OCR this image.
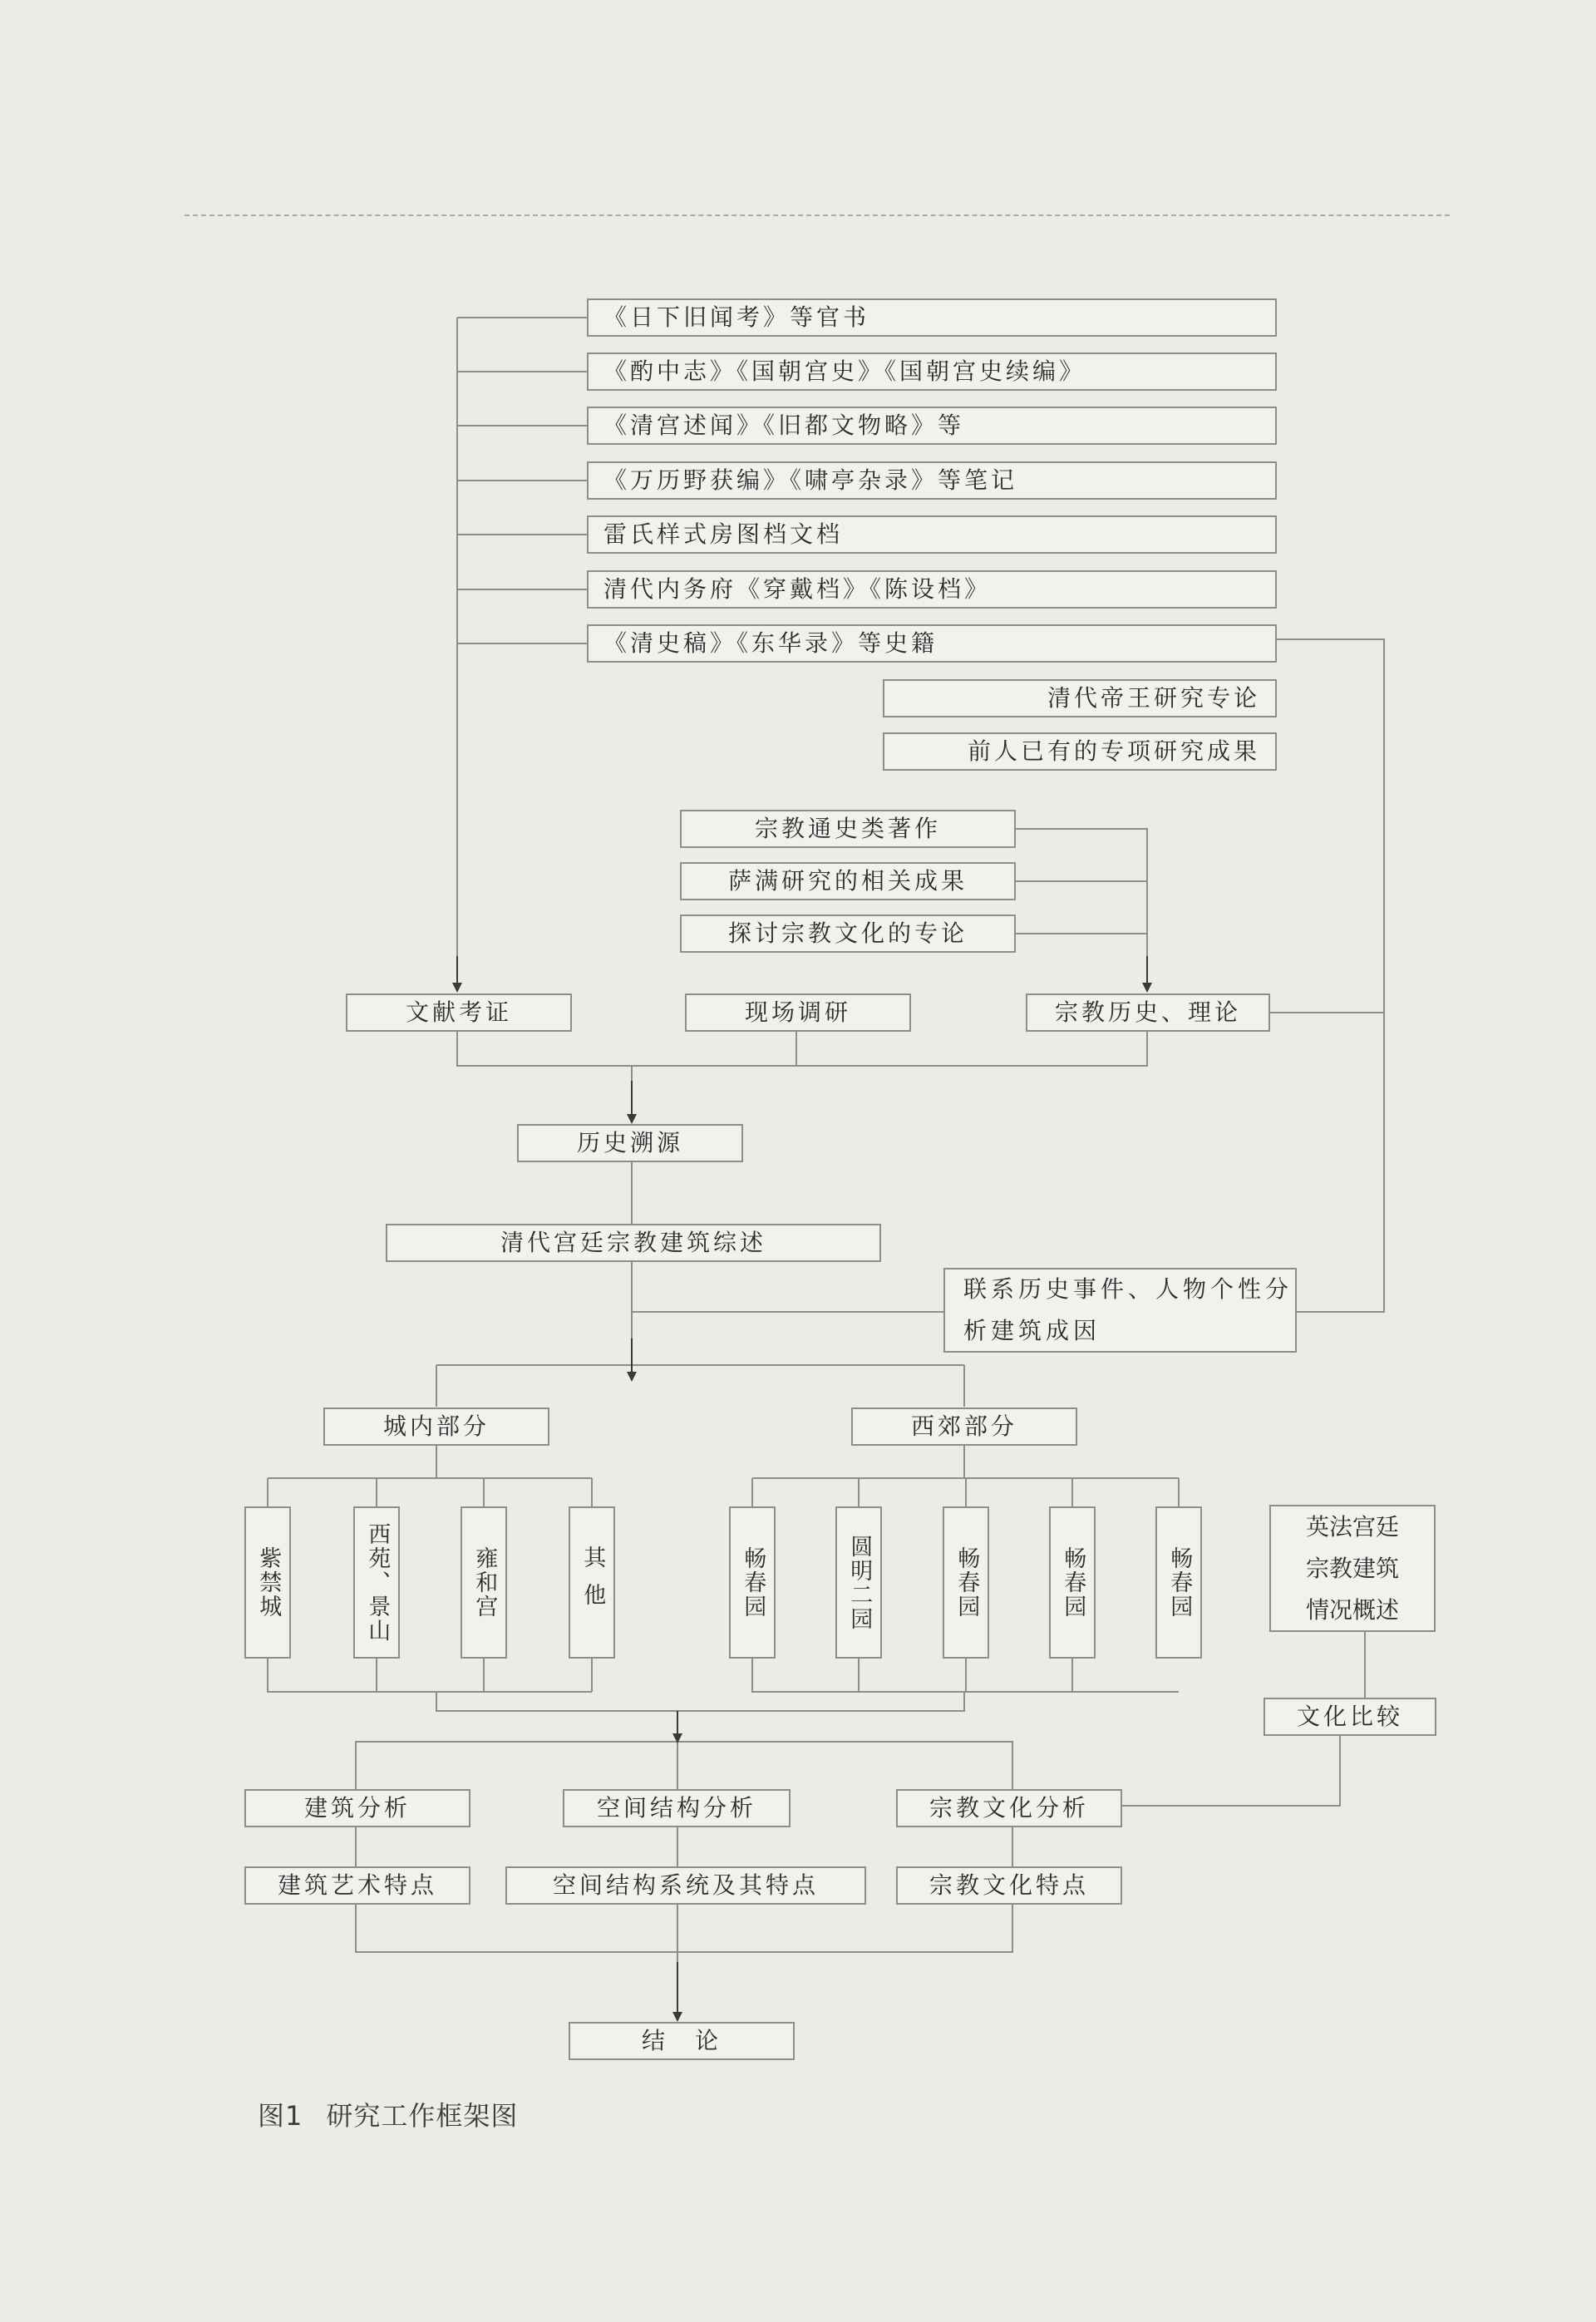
《日下旧闻考》等官书
《酌中志》《国朝宫史》《国朝宫史续编》
《清宫述闻》《旧都文物略》等
《万历野获编》《啸亭杂录》等笔记
雷氏样式房图档文档
清代内务府《穿戴档》《陈设档》
《清史稿》《东华录》等史籍
清代帝王研究专论
前人已有的专项研究成果
宗教通史类著作
萨满研究的相关成果
探讨宗教文化的专论
文献考证	现场调研	宗教历史、理论
历史溯源
清代宫廷宗教建筑综述
联系历史事件、人物个性分
析建筑成因
城内部分	西郊部分
紫禁城	西苑、景山	雍和宫	其他	畅春园	圆明二园	畅春园	畅春园	畅春园
英法宫廷
宗教建筑
情况概述
文化比较
建筑分析	空间结构分析	宗教文化分析
建筑艺术特点	空间结构系统及其特点	宗教文化特点
结　论
图1 研究工作框架图
